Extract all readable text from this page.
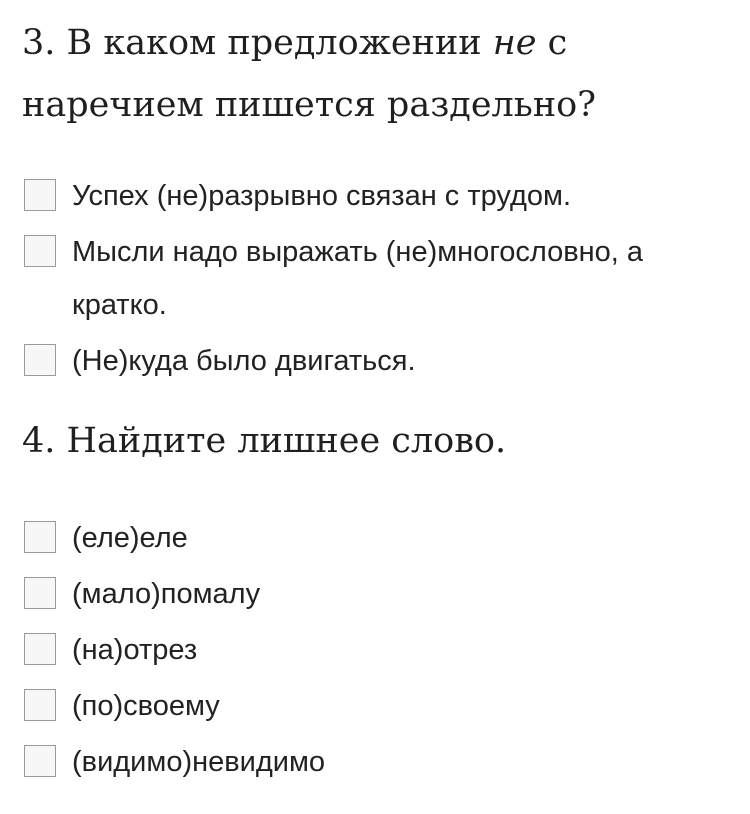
3. В каком предложении не с наречием пишется раздельно?
Успех (не)разрывно связан с трудом.
Мысли надо выражать (не)многословно, а кратко.
(Не)куда было двигаться.
4. Найдите лишнее слово.
(еле)еле
(мало)помалу
(на)отрез
(по)своему
(видимо)невидимо
